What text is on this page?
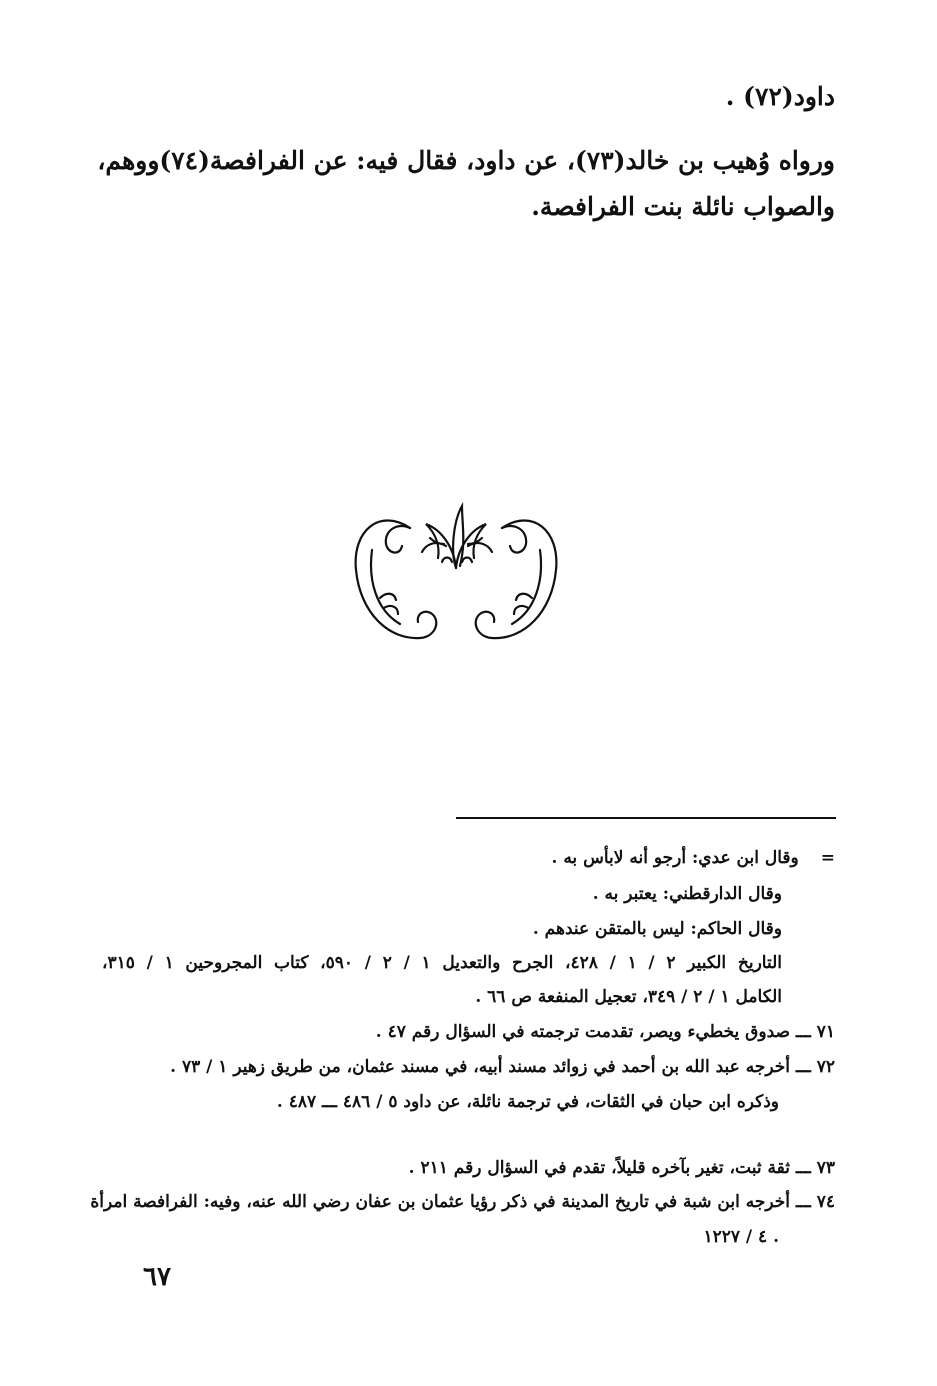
داود(٧٢) .
ورواه وُهيب بن خالد(٧٣)، عن داود، فقال فيه: عن الفرافصة(٧٤)ووهم،
والصواب نائلة بنت الفرافصة.
=وقال ابن عدي: أرجو أنه لابأس به .
وقال الدارقطني: يعتبر به .
وقال الحاكم: ليس بالمتقن عندهم .
التاريخ الكبير ٢ / ١ / ٤٢٨، الجرح والتعديل ١ / ٢ / ٥٩٠، كتاب المجروحين ١ / ٣١٥،
الكامل ١ / ٢ / ٣٤٩، تعجيل المنفعة ص ٦٦ .
٧١ ـــ صدوق يخطيء ويصر، تقدمت ترجمته في السؤال رقم ٤٧ .
٧٢ ـــ أخرجه عبد الله بن أحمد في زوائد مسند أبيه، في مسند عثمان، من طريق زهير ١ / ٧٣ .
وذكره ابن حبان في الثقات، في ترجمة نائلة، عن داود ٥ / ٤٨٦ ـــ ٤٨٧ .
٧٣ ـــ ثقة ثبت، تغير بآخره قليلاً، تقدم في السؤال رقم ٢١١ .
٧٤ ـــ أخرجه ابن شبة في تاريخ المدينة في ذكر رؤيا عثمان بن عفان رضي الله عنه، وفيه: الفرافصة امرأة
٤ / ١٢٢٧ .
٦٧
